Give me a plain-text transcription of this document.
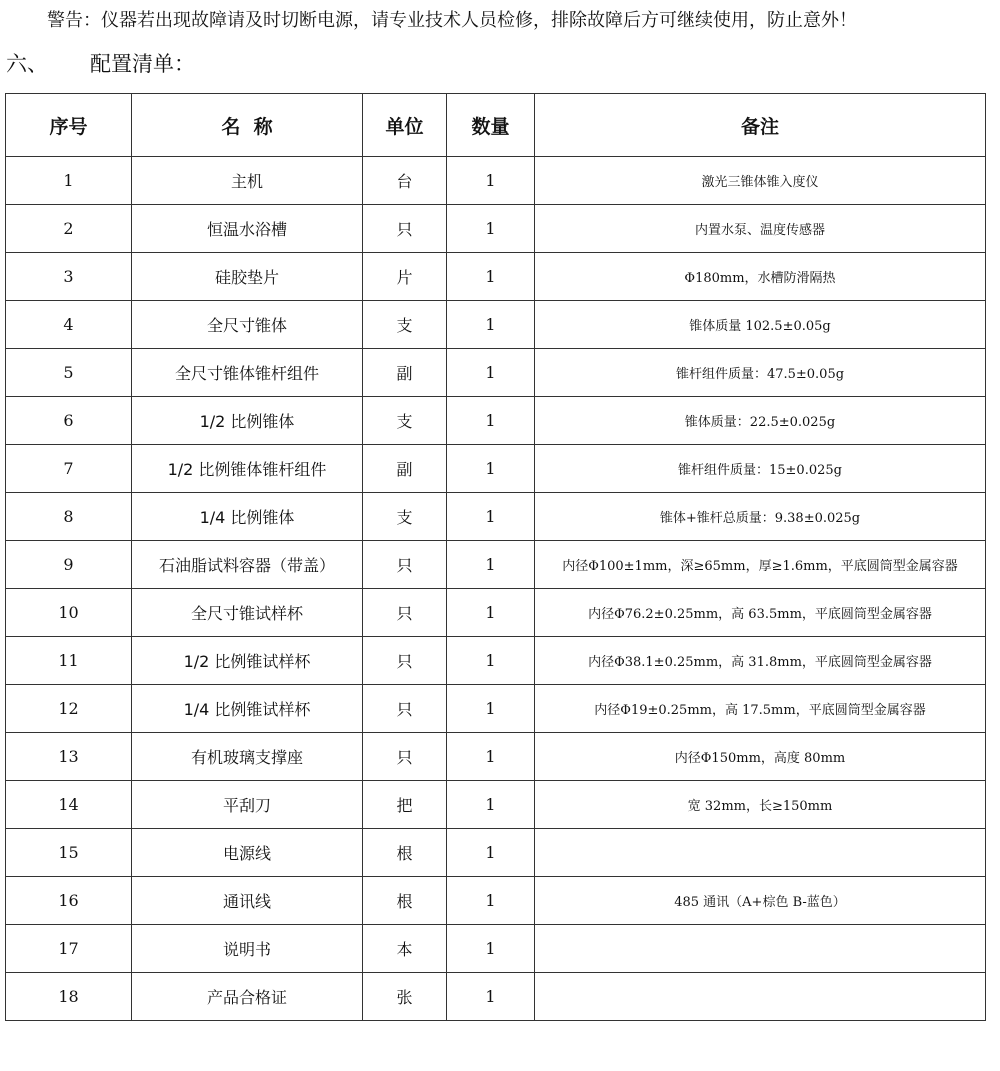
警告：仪器若出现故障请及时切断电源，请专业技术人员检修，排除故障后方可继续使用，防止意外！
六、 配置清单：
序号	名  称	单位	数量	备注
1	主机	台	1	激光三锥体锥入度仪
2	恒温水浴槽	只	1	内置水泵、温度传感器
3	硅胶垫片	片	1	Φ180mm，水槽防滑隔热
4	全尺寸锥体	支	1	锥体质量 102.5±0.05g
5	全尺寸锥体锥杆组件	副	1	锥杆组件质量：47.5±0.05g
6	1/2 比例锥体	支	1	锥体质量：22.5±0.025g
7	1/2 比例锥体锥杆组件	副	1	锥杆组件质量：15±0.025g
8	1/4 比例锥体	支	1	锥体+锥杆总质量：9.38±0.025g
9	石油脂试料容器（带盖）	只	1	内径Φ100±1mm，深≥65mm，厚≥1.6mm，平底圆筒型金属容器
10	全尺寸锥试样杯	只	1	内径Φ76.2±0.25mm，高 63.5mm，平底圆筒型金属容器
11	1/2 比例锥试样杯	只	1	内径Φ38.1±0.25mm，高 31.8mm，平底圆筒型金属容器
12	1/4 比例锥试样杯	只	1	内径Φ19±0.25mm，高 17.5mm，平底圆筒型金属容器
13	有机玻璃支撑座	只	1	内径Φ150mm，高度 80mm
14	平刮刀	把	1	宽 32mm，长≥150mm
15	电源线	根	1	
16	通讯线	根	1	485 通讯（A+棕色 B-蓝色）
17	说明书	本	1	
18	产品合格证	张	1	
